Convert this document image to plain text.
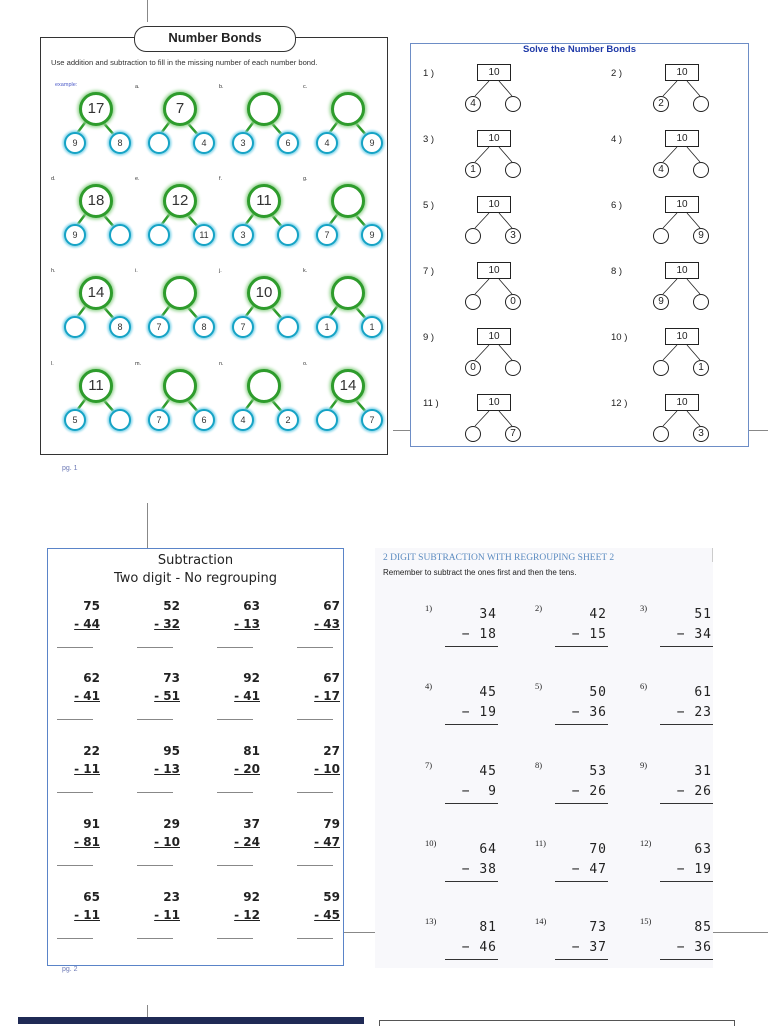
Number Bonds
Use addition and subtraction to fill in the missing number of each number bond.
example:
17
9	8
a.
7
4
b.
3	6
c.
4	9
d.
18
9
e.
12
11
f.
11
3
g.
7	9
h.
14
8
i.
7	8
j.
10
7
k.
1	1
l.
11
5
m.
7	6
n.
4	2
o.
14
7
pg. 1
Solve the Number Bonds
1 )	10
4
2 )	10
2
3 )	10
1
4 )	10
4
5 )	10
3
6 )	10
9
7 )	10
0
8 )	10
9
9 )	10
0
10 )	10
1
11 )	10
7
12 )	10
3
Subtraction
Two digit - No regrouping
75
- 44
52
- 32
63
- 13
67
- 43
62
- 41
73
- 51
92
- 41
67
- 17
22
- 11
95
- 13
81
- 20
27
- 10
91
- 81
29
- 10
37
- 24
79
- 47
65
- 11
23
- 11
92
- 12
59
- 45
pg. 2
2 DIGIT SUBTRACTION WITH REGROUPING SHEET 2
Remember to subtract the ones first and then the tens.
1)	34
− 18
2)	42
− 15
3)	51
− 34
4)	45
− 19
5)	50
− 36
6)	61
− 23
7)	45
−  9
8)	53
− 26
9)	31
− 26
10)	64
− 38
11)	70
− 47
12)	63
− 19
13)	81
− 46
14)	73
− 37
15)	85
− 36
